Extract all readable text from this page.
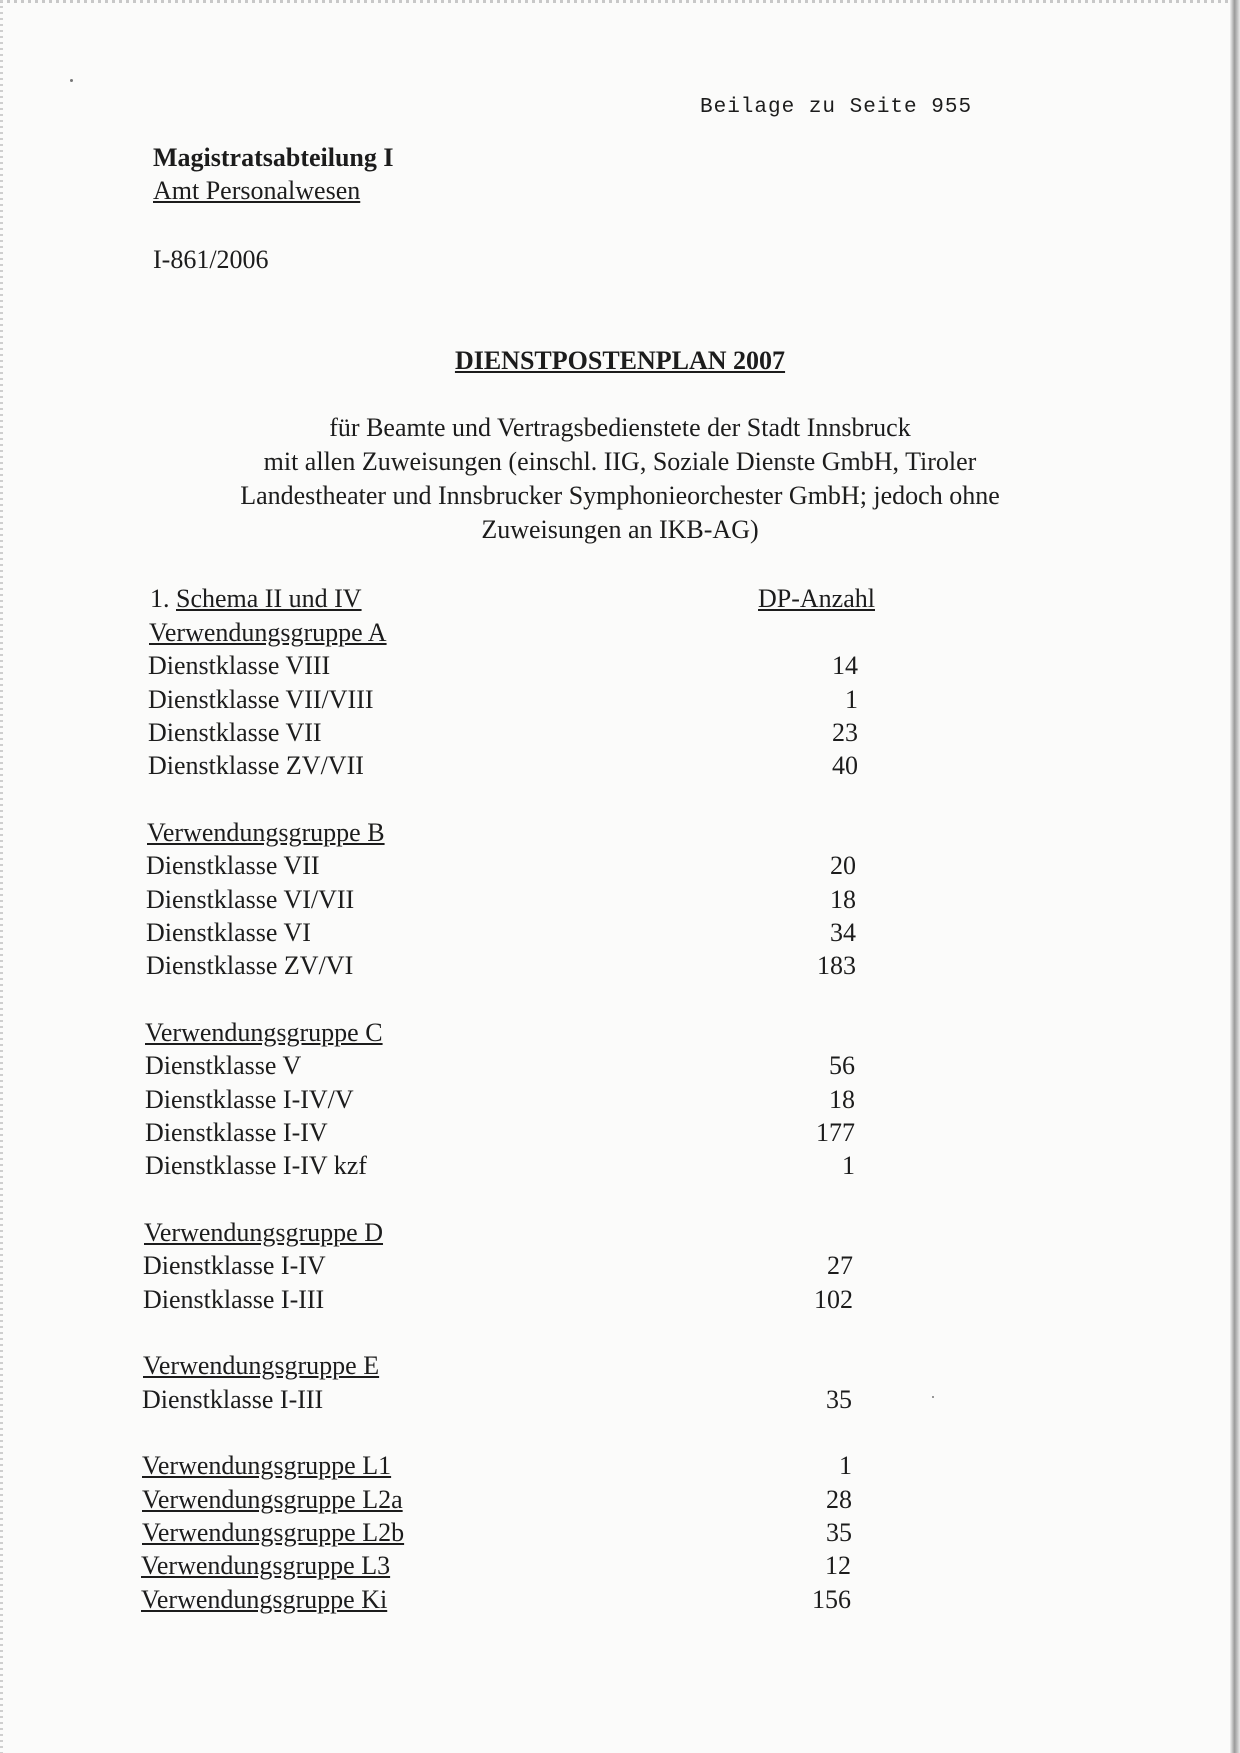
Beilage zu Seite 955
Magistratsabteilung I
Amt Personalwesen
I-861/2006
DIENSTPOSTENPLAN 2007
für Beamte und Vertragsbedienstete der Stadt Innsbruck
mit allen Zuweisungen (einschl. IIG, Soziale Dienste GmbH, Tiroler
Landestheater und Innsbrucker Symphonieorchester GmbH; jedoch ohne
Zuweisungen an IKB-AG)
1. Schema II und IV	DP-Anzahl
Verwendungsgruppe A
Dienstklasse VIII	14
Dienstklasse VII/VIII	1
Dienstklasse VII	23
Dienstklasse ZV/VII	40
Verwendungsgruppe B
Dienstklasse VII	20
Dienstklasse VI/VII	18
Dienstklasse VI	34
Dienstklasse ZV/VI	183
Verwendungsgruppe C
Dienstklasse V	56
Dienstklasse I-IV/V	18
Dienstklasse I-IV	177
Dienstklasse I-IV kzf	1
Verwendungsgruppe D
Dienstklasse I-IV	27
Dienstklasse I-III	102
Verwendungsgruppe E
Dienstklasse I-III	35
Verwendungsgruppe L1	1
Verwendungsgruppe L2a	28
Verwendungsgruppe L2b	35
Verwendungsgruppe L3	12
Verwendungsgruppe Ki	156
